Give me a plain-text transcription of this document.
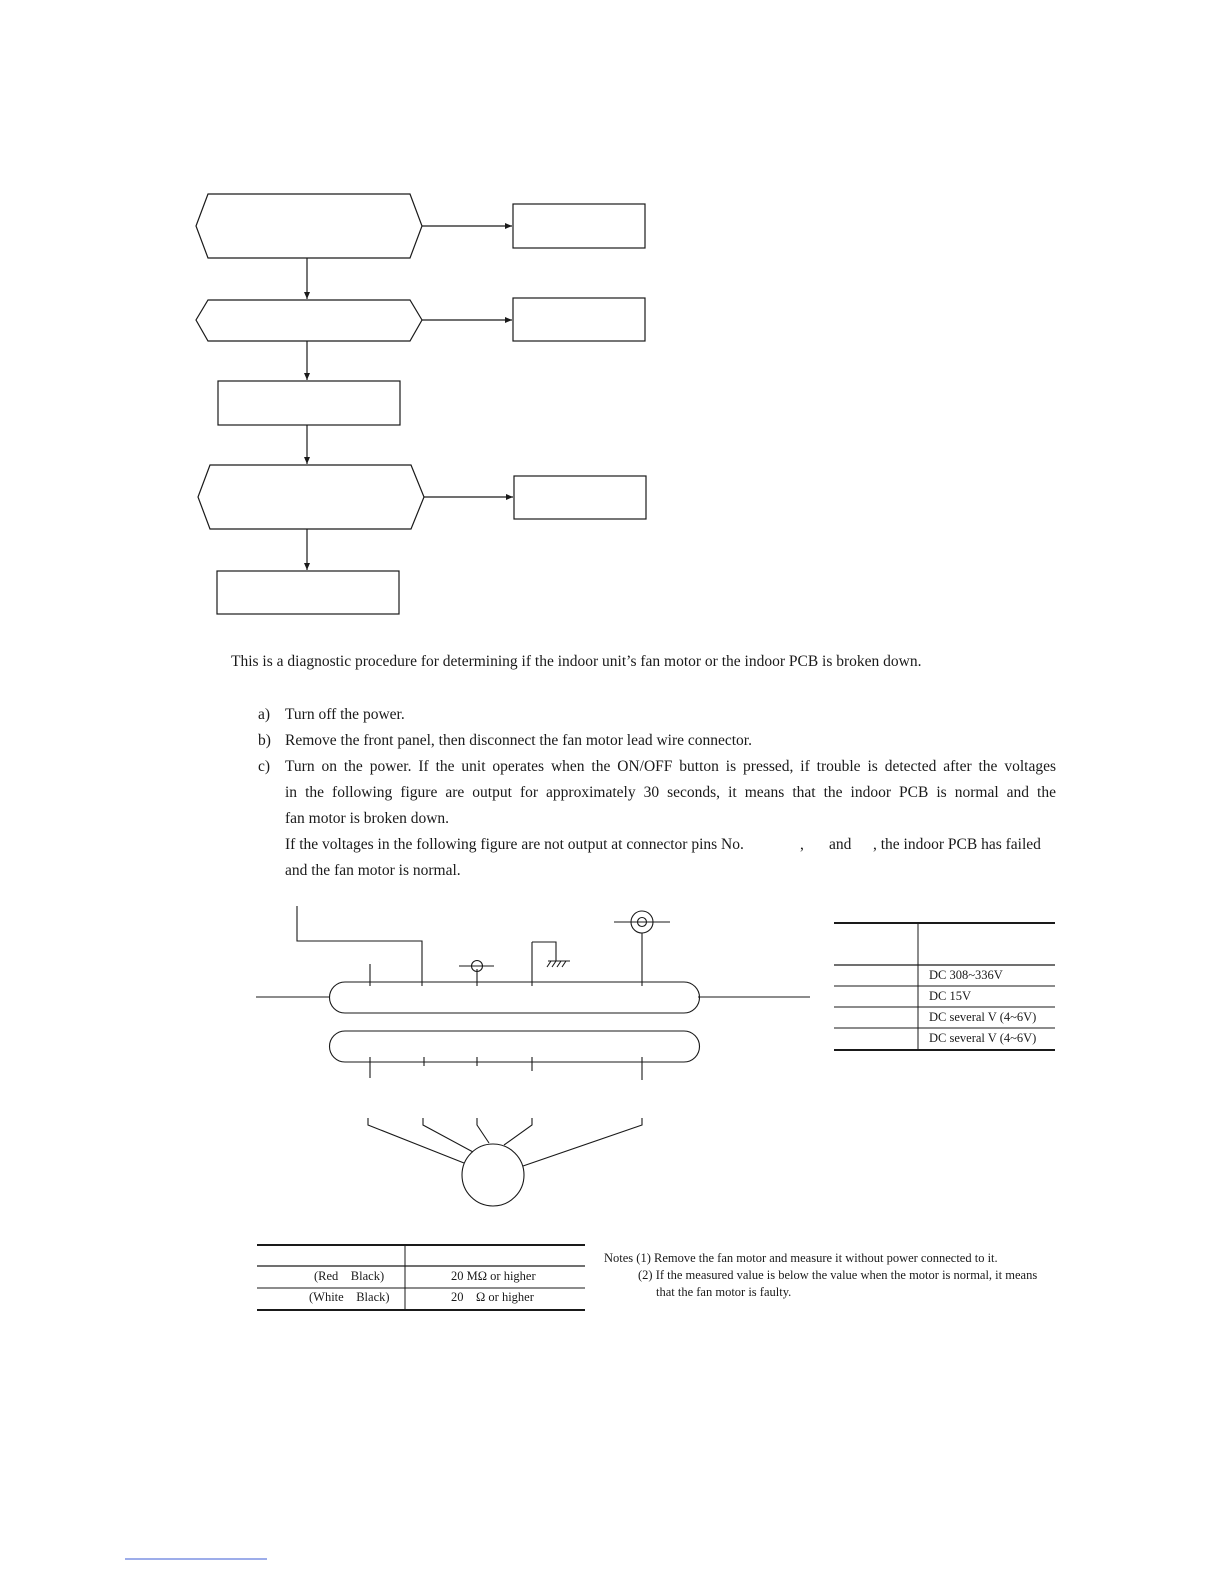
This is a diagnostic procedure for determining if the indoor unit’s fan motor or the indoor PCB is broken down.
a) Turn off the power.
b) Remove the front panel, then disconnect the fan motor lead wire connector.
c) Turn on the power. If the unit operates when the ON/OFF button is pressed, if trouble is detected after the voltages
in the following figure are output for approximately 30 seconds, it means that the indoor PCB is normal and the
fan motor is broken down.
If the voltages in the following figure are not output at connector pins No.	, and , the indoor PCB has failed
and the fan motor is normal.
DC 308~336V
DC 15V
DC several V (4~6V)
DC several V (4~6V)
(Red    Black)	20 MΩ or higher
(White    Black)	20    Ω or higher
Notes (1) Remove the fan motor and measure it without power connected to it.
(2) If the measured value is below the value when the motor is normal, it means
that the fan motor is faulty.
